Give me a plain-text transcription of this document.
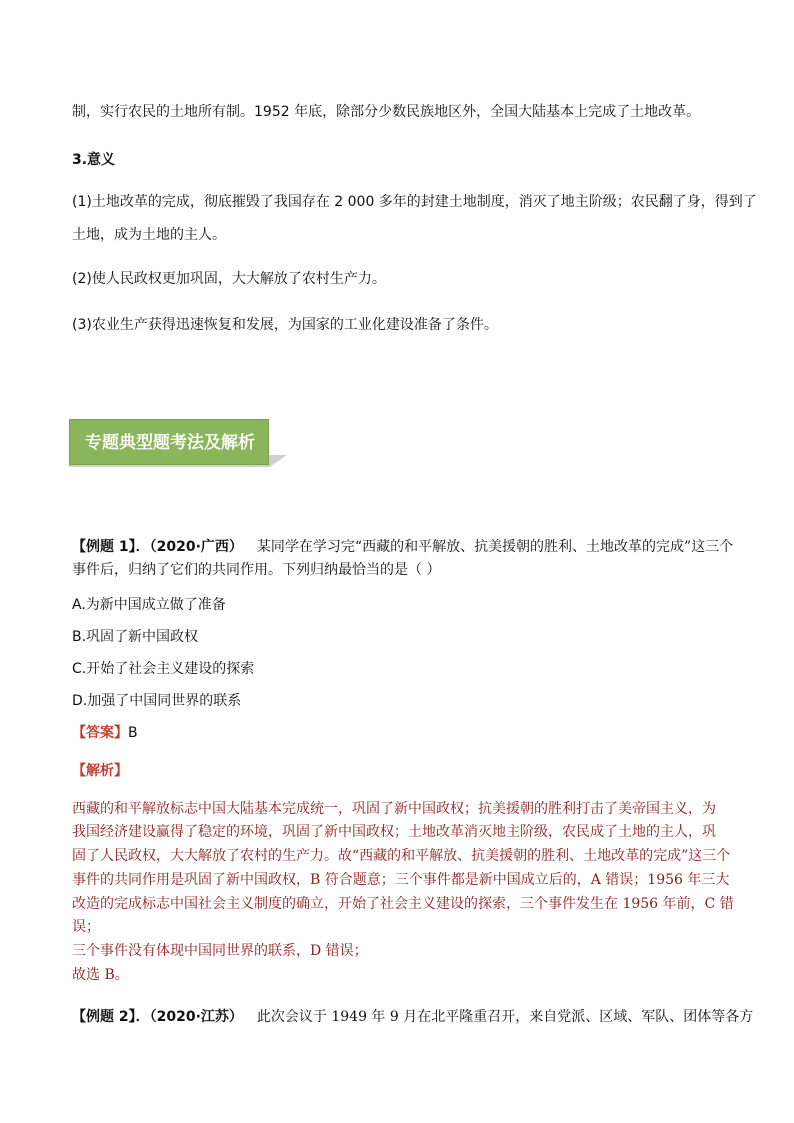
制，实行农民的土地所有制。1952 年底，除部分少数民族地区外，全国大陆基本上完成了土地改革。
3.意义
(1)土地改革的完成，彻底摧毁了我国存在 2 000 多年的封建土地制度，消灭了地主阶级；农民翻了身，得到了
土地，成为土地的主人。
(2)使人民政权更加巩固，大大解放了农村生产力。
(3)农业生产获得迅速恢复和发展，为国家的工业化建设准备了条件。
专题典型题考法及解析
【例题 1】．（2020·广西） 某同学在学习完“西藏的和平解放、抗美援朝的胜利、土地改革的完成”这三个
事件后，归纳了它们的共同作用。下列归纳最恰当的是（ ）
A.为新中国成立做了准备
B.巩固了新中国政权
C.开始了社会主义建设的探索
D.加强了中国同世界的联系
【答案】B
【解析】
西藏的和平解放标志中国大陆基本完成统一，巩固了新中国政权；抗美援朝的胜利打击了美帝国主义，为
我国经济建设赢得了稳定的环境，巩固了新中国政权；土地改革消灭地主阶级，农民成了土地的主人，巩
固了人民政权，大大解放了农村的生产力。故“西藏的和平解放、抗美援朝的胜利、土地改革的完成”这三个
事件的共同作用是巩固了新中国政权，B 符合题意；三个事件都是新中国成立后的，A 错误；1956 年三大
改造的完成标志中国社会主义制度的确立，开始了社会主义建设的探索，三个事件发生在 1956 年前，C 错
误；
三个事件没有体现中国同世界的联系，D 错误；
故选 B。
【例题 2】．（2020·江苏） 此次会议于 1949 年 9 月在北平隆重召开，来自党派、区域、军队、团体等各方
